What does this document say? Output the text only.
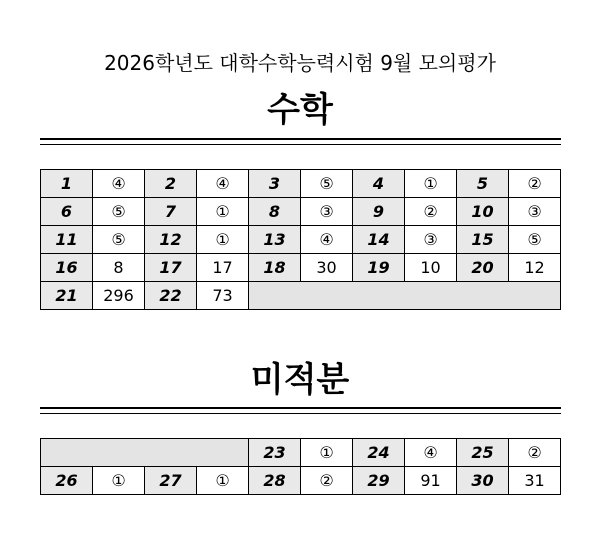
2026학년도 대학수학능력시험 9월 모의평가
수학
1	④	2	④	3	⑤	4	①	5	②
6	⑤	7	①	8	③	9	②	10	③
11	⑤	12	①	13	④	14	③	15	⑤
16	8	17	17	18	30	19	10	20	12
21	296	22	73						
미적분
				23	①	24	④	25	②
26	①	27	①	28	②	29	91	30	31
